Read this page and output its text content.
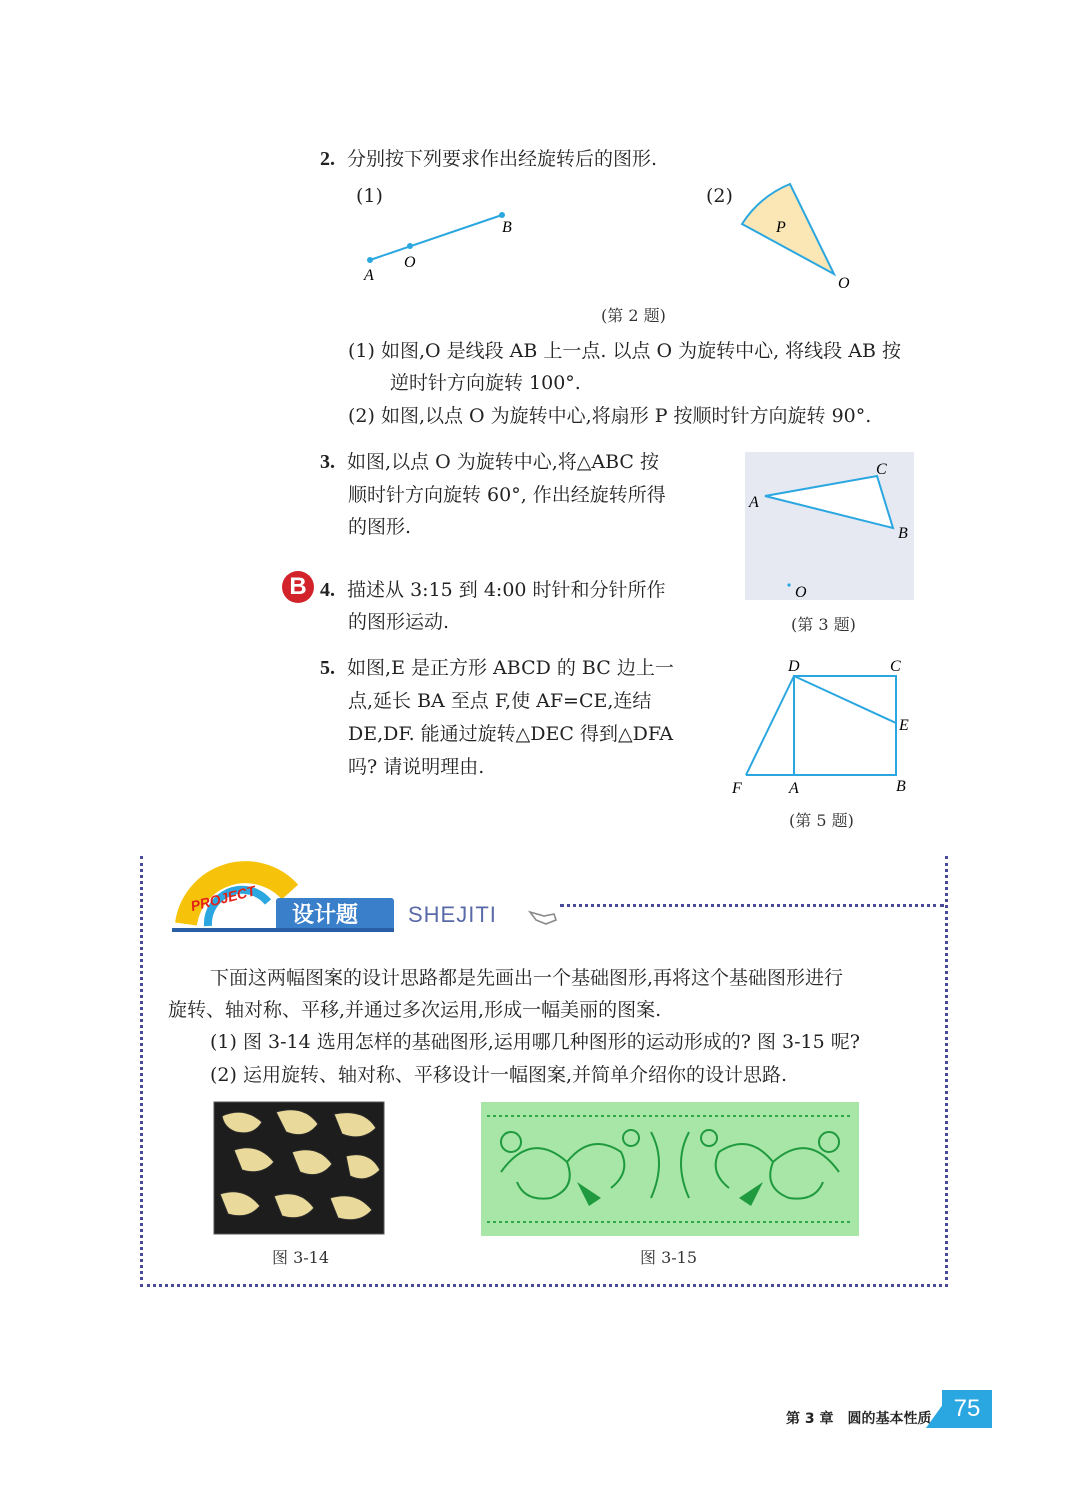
2. 分别按下列要求作出经旋转后的图形.
(1)	(2)
A
O
B	P
O
(第 2 题)
(1) 如图,O 是线段 AB 上一点. 以点 O 为旋转中心, 将线段 AB 按
逆时针方向旋转 100°.
(2) 如图,以点 O 为旋转中心,将扇形 P 按顺时针方向旋转 90°.
3. 如图,以点 O 为旋转中心,将△ABC 按
顺时针方向旋转 60°, 作出经旋转所得
的图形.
A
C
B
O
(第 3 题)
B 4. 描述从 3:15 到 4:00 时针和分针所作
的图形运动.
5. 如图,E 是正方形 ABCD 的 BC 边上一
点,延长 BA 至点 F,使 AF=CE,连结
DE,DF. 能通过旋转△DEC 得到△DFA
吗? 请说明理由.
D	C
E
F	A	B
(第 5 题)
PROJECT
设计题 SHEJITI
下面这两幅图案的设计思路都是先画出一个基础图形,再将这个基础图形进行
旋转、轴对称、平移,并通过多次运用,形成一幅美丽的图案.
(1) 图 3-14 选用怎样的基础图形,运用哪几种图形的运动形成的? 图 3-15 呢?
(2) 运用旋转、轴对称、平移设计一幅图案,并简单介绍你的设计思路.
图 3-14	图 3-15
第 3 章　圆的基本性质 75
